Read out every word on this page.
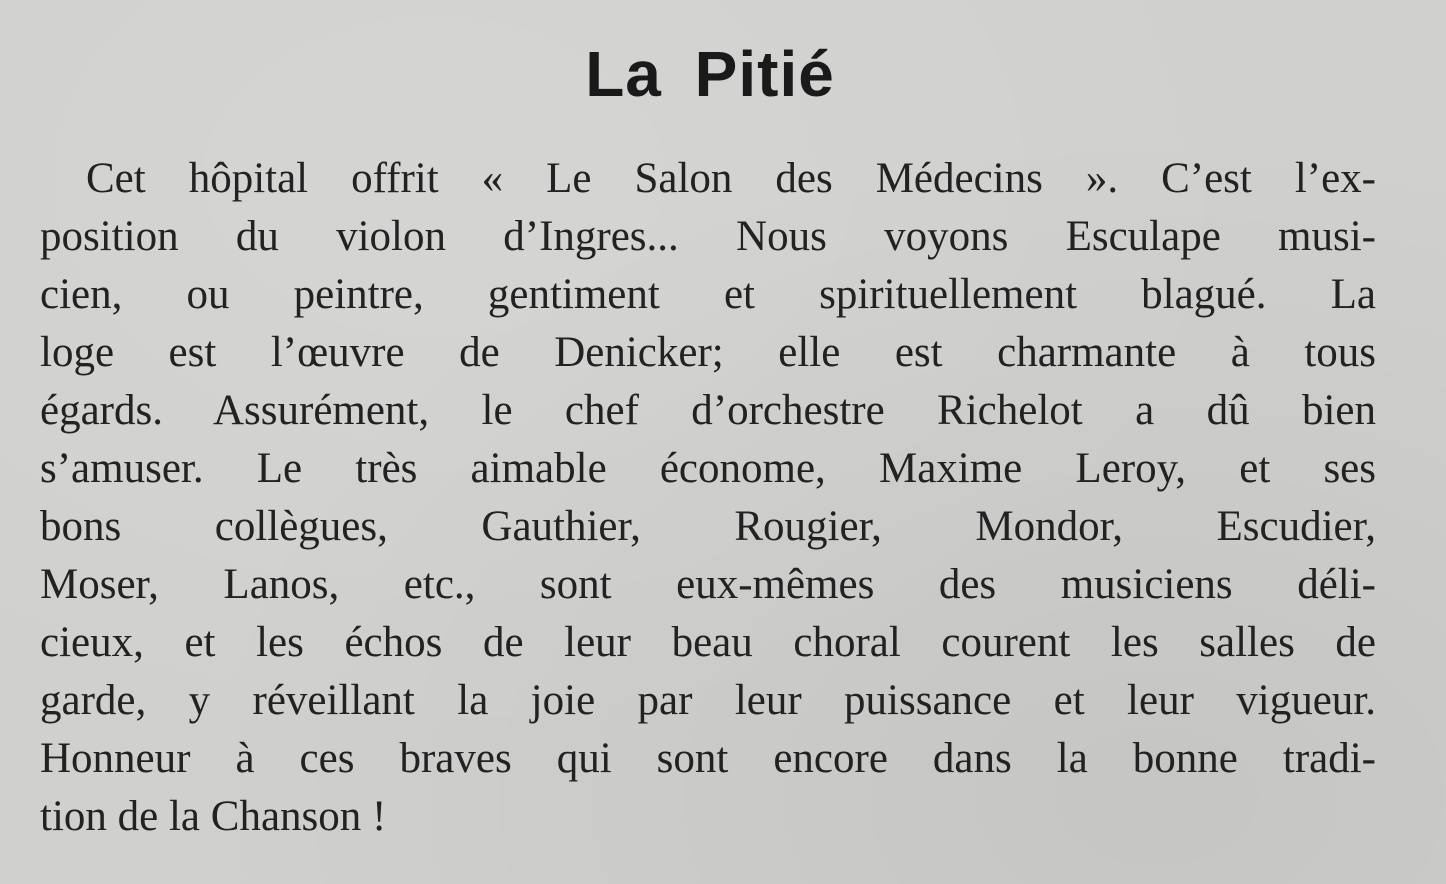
La Pitié
Cet hôpital offrit « Le Salon des Médecins ». C’est l’ex-
position du violon d’Ingres... Nous voyons Esculape musi-
cien, ou peintre, gentiment et spirituellement blagué. La
loge est l’œuvre de Denicker; elle est charmante à tous
égards. Assurément, le chef d’orchestre Richelot a dû bien
s’amuser. Le très aimable économe, Maxime Leroy, et ses
bons collègues, Gauthier, Rougier, Mondor, Escudier,
Moser, Lanos, etc., sont eux-mêmes des musiciens déli-
cieux, et les échos de leur beau choral courent les salles de
garde, y réveillant la joie par leur puissance et leur vigueur.
Honneur à ces braves qui sont encore dans la bonne tradi-
tion de la Chanson !
